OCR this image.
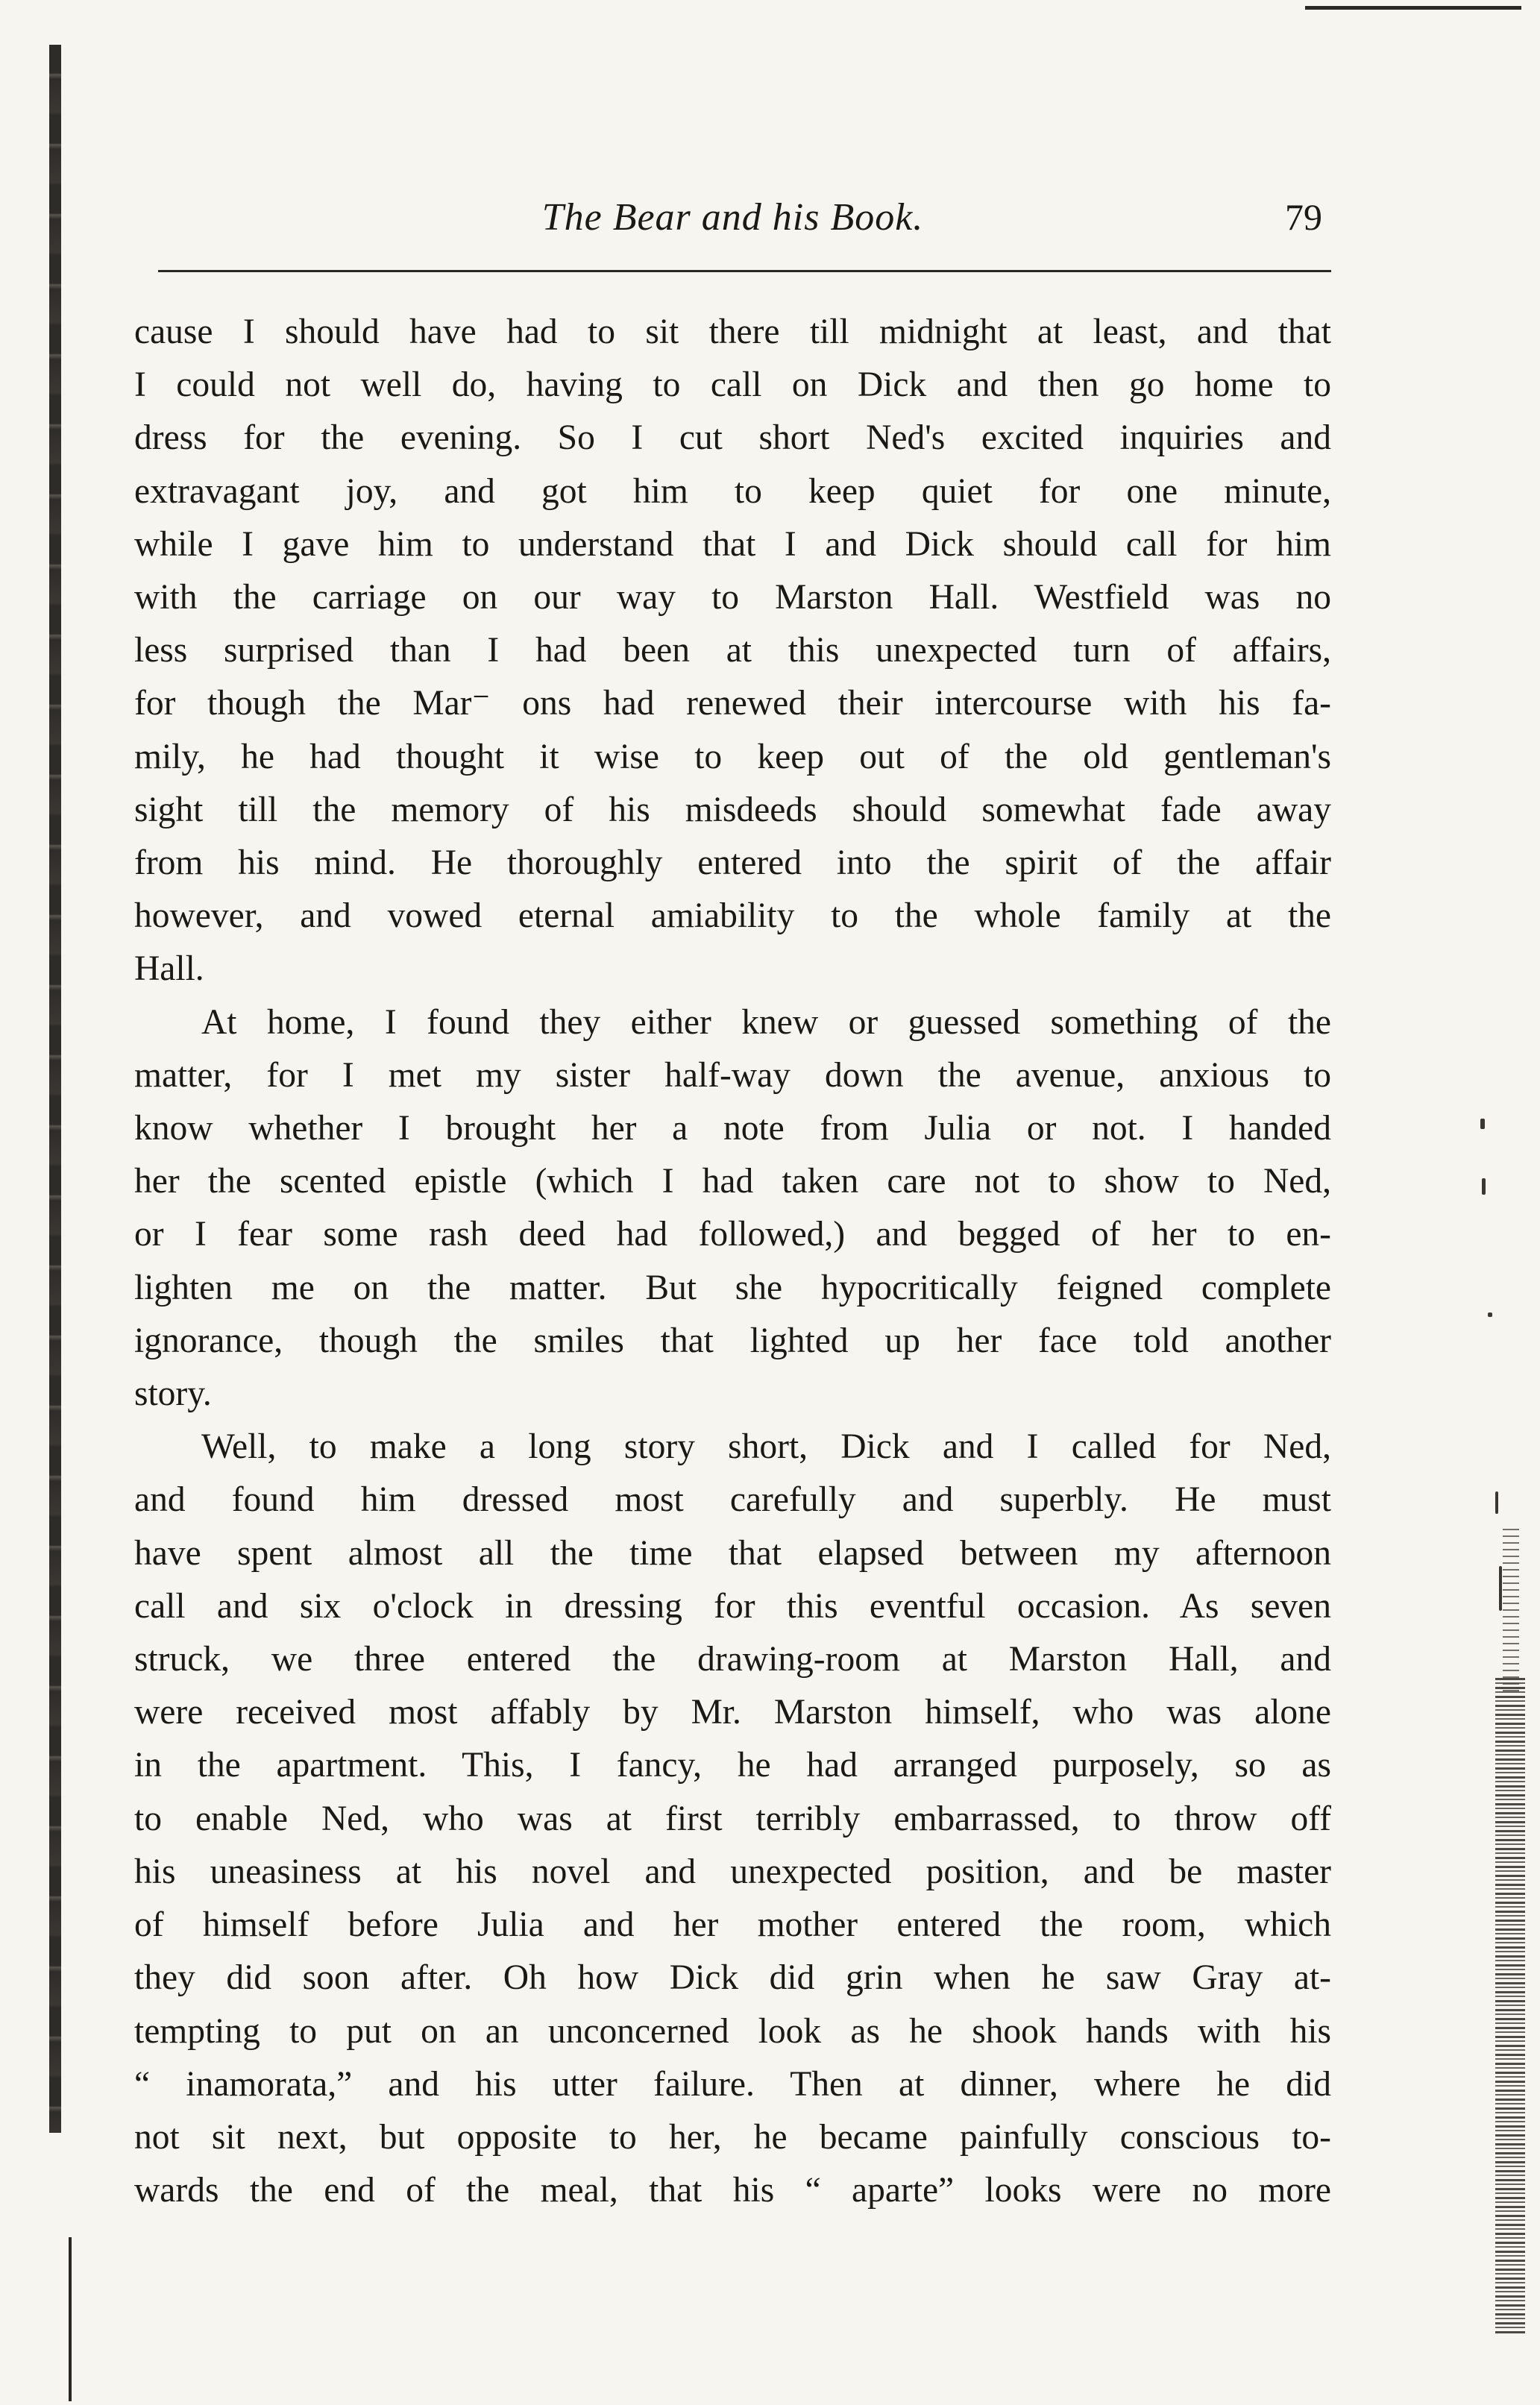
The Bear and his Book.	79
cause I should have had to sit there till midnight at least, and that
I could not well do, having to call on Dick and then go home to
dress for the evening. So I cut short Ned's excited inquiries and
extravagant joy, and got him to keep quiet for one minute,
while I gave him to understand that I and Dick should call for him
with the carriage on our way to Marston Hall. Westfield was no
less surprised than I had been at this unexpected turn of affairs,
for though the Mar⁻ ons had renewed their intercourse with his fa-
mily, he had thought it wise to keep out of the old gentleman's
sight till the memory of his misdeeds should somewhat fade away
from his mind. He thoroughly entered into the spirit of the affair
however, and vowed eternal amiability to the whole family at the
Hall.
At home, I found they either knew or guessed something of the
matter, for I met my sister half-way down the avenue, anxious to
know whether I brought her a note from Julia or not. I handed
her the scented epistle (which I had taken care not to show to Ned,
or I fear some rash deed had followed,) and begged of her to en-
lighten me on the matter. But she hypocritically feigned complete
ignorance, though the smiles that lighted up her face told another
story.
Well, to make a long story short, Dick and I called for Ned,
and found him dressed most carefully and superbly. He must
have spent almost all the time that elapsed between my afternoon
call and six o'clock in dressing for this eventful occasion. As seven
struck, we three entered the drawing-room at Marston Hall, and
were received most affably by Mr. Marston himself, who was alone
in the apartment. This, I fancy, he had arranged purposely, so as
to enable Ned, who was at first terribly embarrassed, to throw off
his uneasiness at his novel and unexpected position, and be master
of himself before Julia and her mother entered the room, which
they did soon after. Oh how Dick did grin when he saw Gray at-
tempting to put on an unconcerned look as he shook hands with his
“ inamorata,” and his utter failure. Then at dinner, where he did
not sit next, but opposite to her, he became painfully conscious to-
wards the end of the meal, that his “ aparte” looks were no more
